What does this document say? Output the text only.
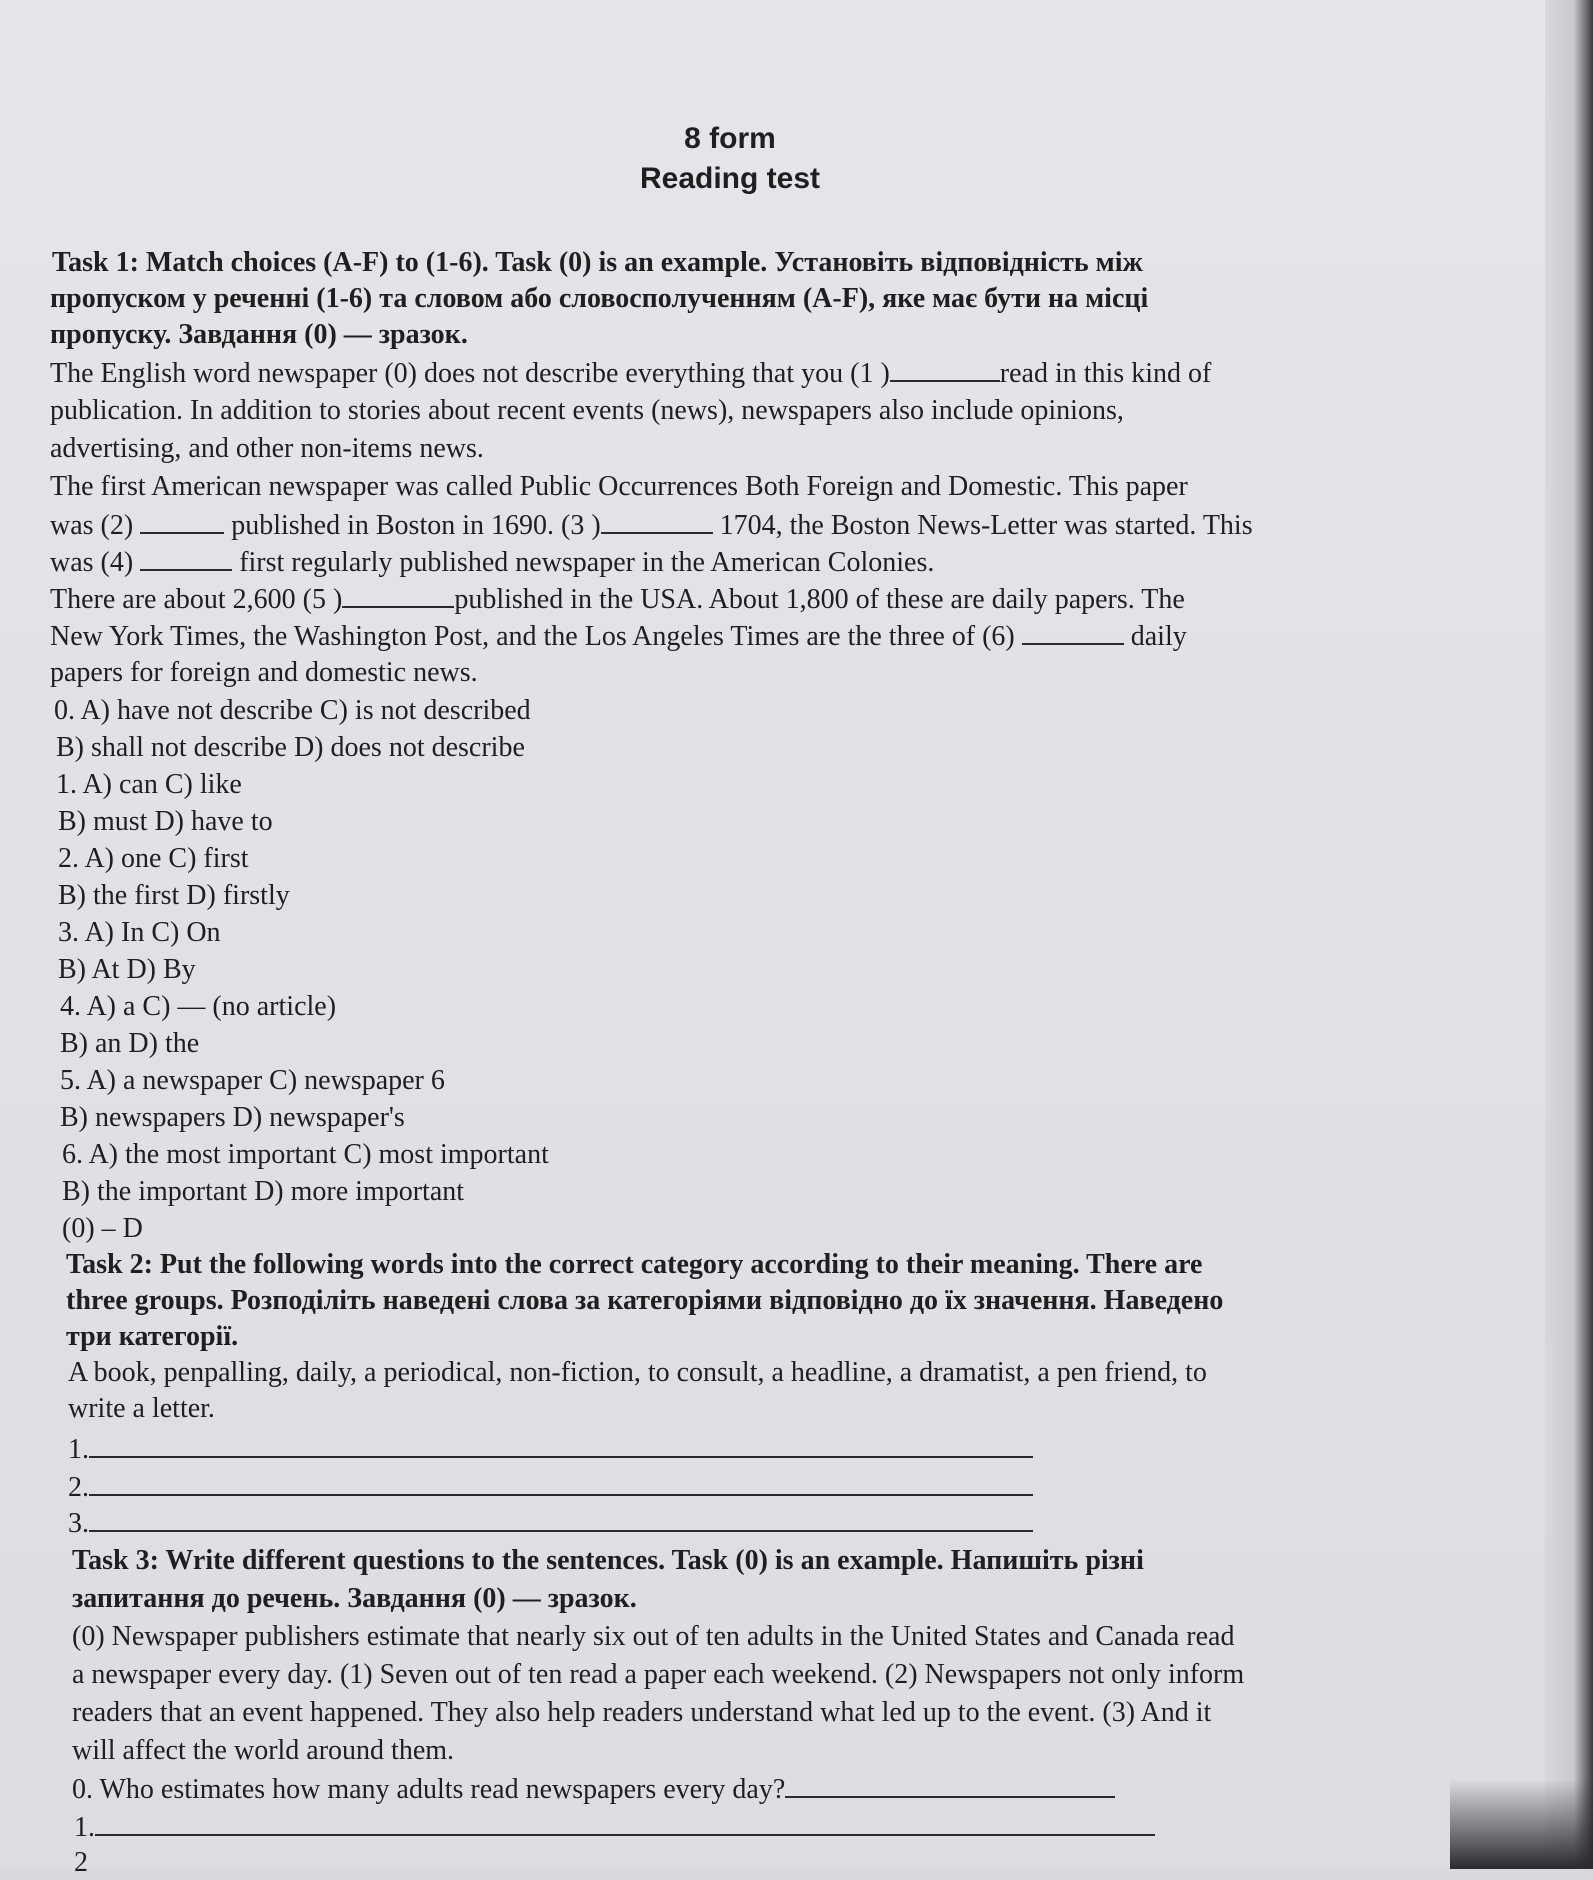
8 form
Reading test
Task 1: Match choices (A-F) to (1-6). Task (0) is an example. Установіть відповідність між
пропуском у реченні (1-6) та словом або словосполученням (A-F), яке має бути на місці
пропуску. Завдання (0) — зразок.
The English word newspaper (0) does not describe everything that you (1 )	read in this kind of
publication. In addition to stories about recent events (news), newspapers also include opinions,
advertising, and other non-items news.
The first American newspaper was called Public Occurrences Both Foreign and Domestic. This paper
was (2)	published in Boston in 1690. (3 )	1704, the Boston News-Letter was started. This
was (4)	first regularly published newspaper in the American Colonies.
There are about 2,600 (5 )	published in the USA. About 1,800 of these are daily papers. The
New York Times, the Washington Post, and the Los Angeles Times are the three of (6)	daily
papers for foreign and domestic news.
0. A) have not describe C) is not described
B) shall not describe D) does not describe
1. A) can C) like
B) must D) have to
2. A) one C) first
B) the first D) firstly
3. A) In C) On
B) At D) By
4. A) a C) — (no article)
B) an D) the
5. A) a newspaper C) newspaper 6
B) newspapers D) newspaper's
6. A) the most important C) most important
B) the important D) more important
(0) – D
Task 2: Put the following words into the correct category according to their meaning. There are
three groups. Розподіліть наведені слова за категоріями відповідно до їх значення. Наведено
три категорії.
A book, penpalling, daily, a periodical, non-fiction, to consult, a headline, a dramatist, a pen friend, to
write a letter.
1.
2.
3.
Task 3: Write different questions to the sentences. Task (0) is an example. Напишіть різні
запитання до речень. Завдання (0) — зразок.
(0) Newspaper publishers estimate that nearly six out of ten adults in the United States and Canada read
a newspaper every day. (1) Seven out of ten read a paper each weekend. (2) Newspapers not only inform
readers that an event happened. They also help readers understand what led up to the event. (3) And it
will affect the world around them.
0. Who estimates how many adults read newspapers every day?
1.
2
